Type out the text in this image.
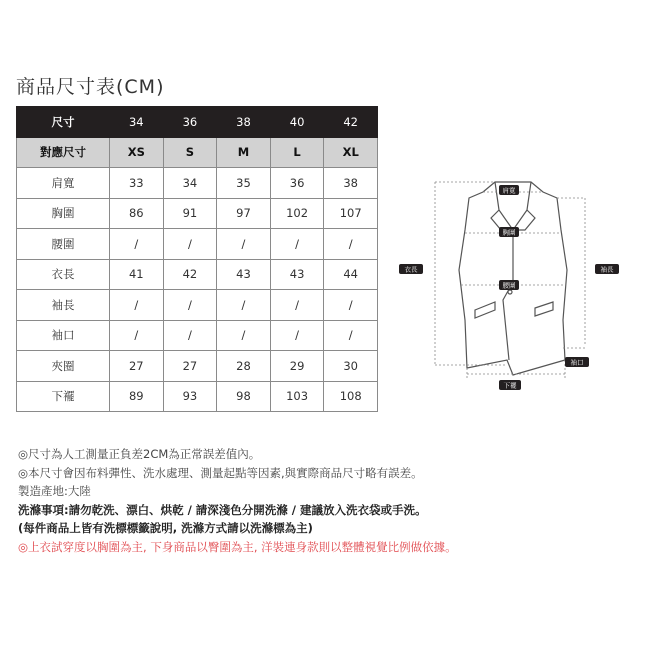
商品尺寸表(CM)
尺寸	34	36	38	40	42
對應尺寸	XS	S	M	L	XL
肩寬	33	34	35	36	38
胸圍	86	91	97	102	107
腰圍	/	/	/	/	/
衣長	41	42	43	43	44
袖長	/	/	/	/	/
袖口	/	/	/	/	/
夾圈	27	27	28	29	30
下襬	89	93	98	103	108
肩寬
胸圍
腰圍
衣長	袖長
袖口
下襬
◎尺寸為人工測量正負差2CM為正常誤差值內。
◎本尺寸會因布料彈性、洗水處理、測量起點等因素,與實際商品尺寸略有誤差。
製造產地:大陸
洗滌事項:請勿乾洗、漂白、烘乾 / 請深淺色分開洗滌 / 建議放入洗衣袋或手洗。
(每件商品上皆有洗標標籤說明, 洗滌方式請以洗滌標為主)
◎上衣試穿度以胸圍為主, 下身商品以臀圍為主, 洋裝連身款則以整體視覺比例做依據。
